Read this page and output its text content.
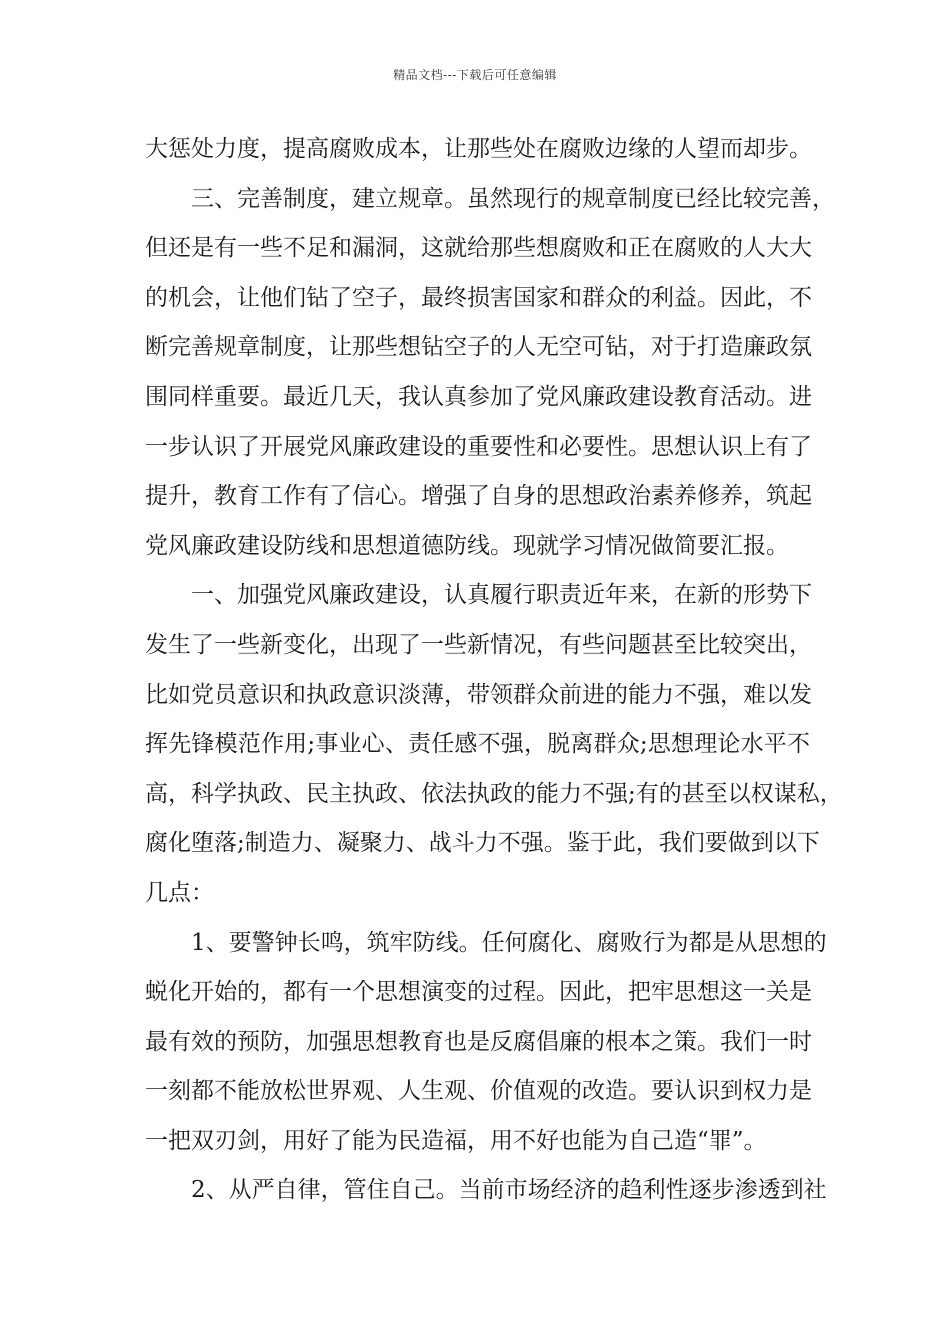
精品文档---下载后可任意编辑
大惩处力度，提高腐败成本，让那些处在腐败边缘的人望而却步。
三、完善制度，建立规章。虽然现行的规章制度已经比较完善，
但还是有一些不足和漏洞，这就给那些想腐败和正在腐败的人大大
的机会，让他们钻了空子，最终损害国家和群众的利益。因此，不
断完善规章制度，让那些想钻空子的人无空可钻，对于打造廉政氛
围同样重要。最近几天，我认真参加了党风廉政建设教育活动。进
一步认识了开展党风廉政建设的重要性和必要性。思想认识上有了
提升，教育工作有了信心。增强了自身的思想政治素养修养，筑起
党风廉政建设防线和思想道德防线。现就学习情况做简要汇报。
一、加强党风廉政建设，认真履行职责近年来，在新的形势下
发生了一些新变化，出现了一些新情况，有些问题甚至比较突出，
比如党员意识和执政意识淡薄，带领群众前进的能力不强，难以发
挥先锋模范作用;事业心、责任感不强，脱离群众;思想理论水平不
高，科学执政、民主执政、依法执政的能力不强;有的甚至以权谋私，
腐化堕落;制造力、凝聚力、战斗力不强。鉴于此，我们要做到以下
几点：
1、要警钟长鸣，筑牢防线。任何腐化、腐败行为都是从思想的
蜕化开始的，都有一个思想演变的过程。因此，把牢思想这一关是
最有效的预防，加强思想教育也是反腐倡廉的根本之策。我们一时
一刻都不能放松世界观、人生观、价值观的改造。要认识到权力是
一把双刃剑，用好了能为民造福，用不好也能为自己造“罪”。
2、从严自律，管住自己。当前市场经济的趋利性逐步渗透到社
